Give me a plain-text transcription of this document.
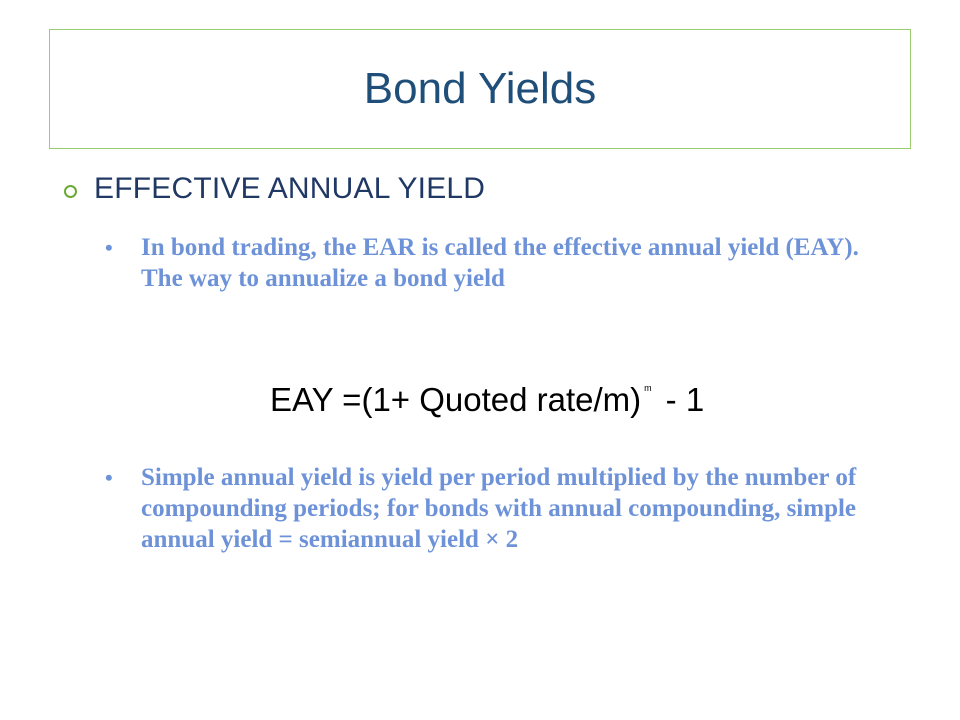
Bond Yields
EFFECTIVE ANNUAL YIELD
•	In bond trading, the EAR is called the effective annual yield (EAY). The way to annualize a bond yield
EAY =(1+ Quoted rate/m) $^m$ - 1
•	Simple annual yield is yield per period multiplied by the number of compounding periods; for bonds with annual compounding, simple annual yield = semiannual yield × 2
